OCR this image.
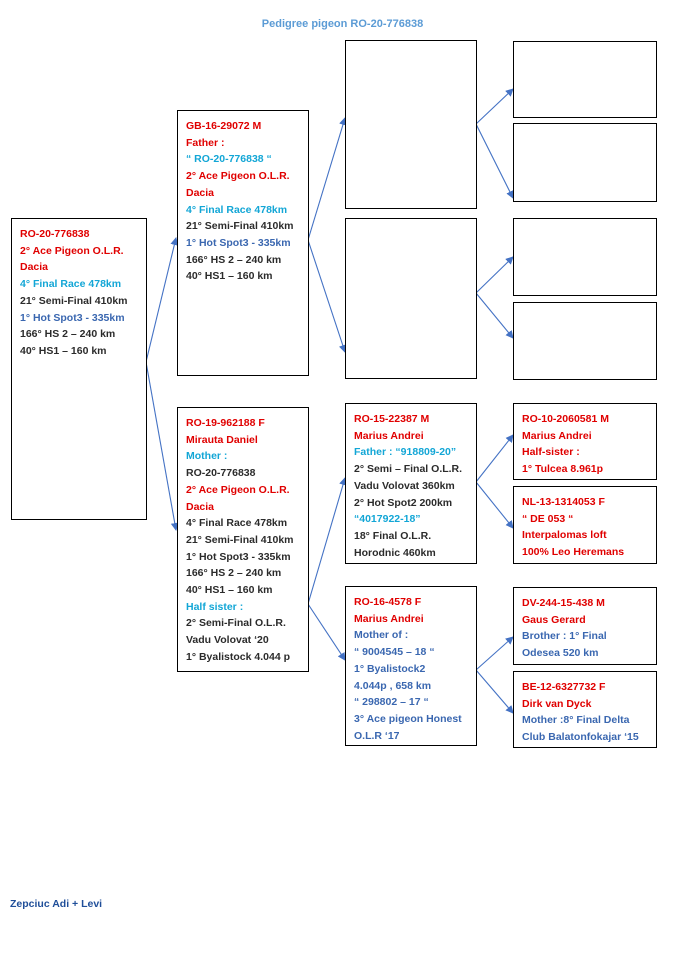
Pedigree pigeon RO-20-776838
RO-20-776838
2° Ace Pigeon O.L.R.
Dacia
4° Final Race 478km
21° Semi-Final 410km
1° Hot Spot3 - 335km
166° HS 2 – 240 km
40° HS1 – 160 km
GB-16-29072 M
Father :
“ RO-20-776838 “
2° Ace Pigeon O.L.R.
Dacia
4° Final Race 478km
21° Semi-Final 410km
1° Hot Spot3 - 335km
166° HS 2 – 240 km
40° HS1 – 160 km
RO-19-962188 F
Mirauta Daniel
Mother :
RO-20-776838
2° Ace Pigeon O.L.R.
Dacia
4° Final Race 478km
21° Semi-Final 410km
1° Hot Spot3 - 335km
166° HS 2 – 240 km
40° HS1 – 160 km
Half sister :
2° Semi-Final O.L.R.
Vadu Volovat ‘20
1° Byalistock 4.044 p
RO-15-22387 M
Marius Andrei
Father : “918809-20”
2° Semi – Final O.L.R.
Vadu Volovat 360km
2° Hot Spot2 200km
“4017922-18”
18° Final O.L.R.
Horodnic 460km
RO-16-4578 F
Marius Andrei
Mother of :
“ 9004545 – 18 “
1° Byalistock2
4.044p , 658 km
“ 298802 – 17 “
3° Ace pigeon Honest
O.L.R ‘17
RO-10-2060581 M
Marius Andrei
Half-sister :
1° Tulcea 8.961p
NL-13-1314053 F
“ DE 053 “
Interpalomas loft
100% Leo Heremans
DV-244-15-438 M
Gaus Gerard
Brother : 1° Final
Odesea 520 km
BE-12-6327732 F
Dirk van Dyck
Mother :8° Final Delta
Club Balatonfokajar ‘15
Zepciuc Adi + Levi
